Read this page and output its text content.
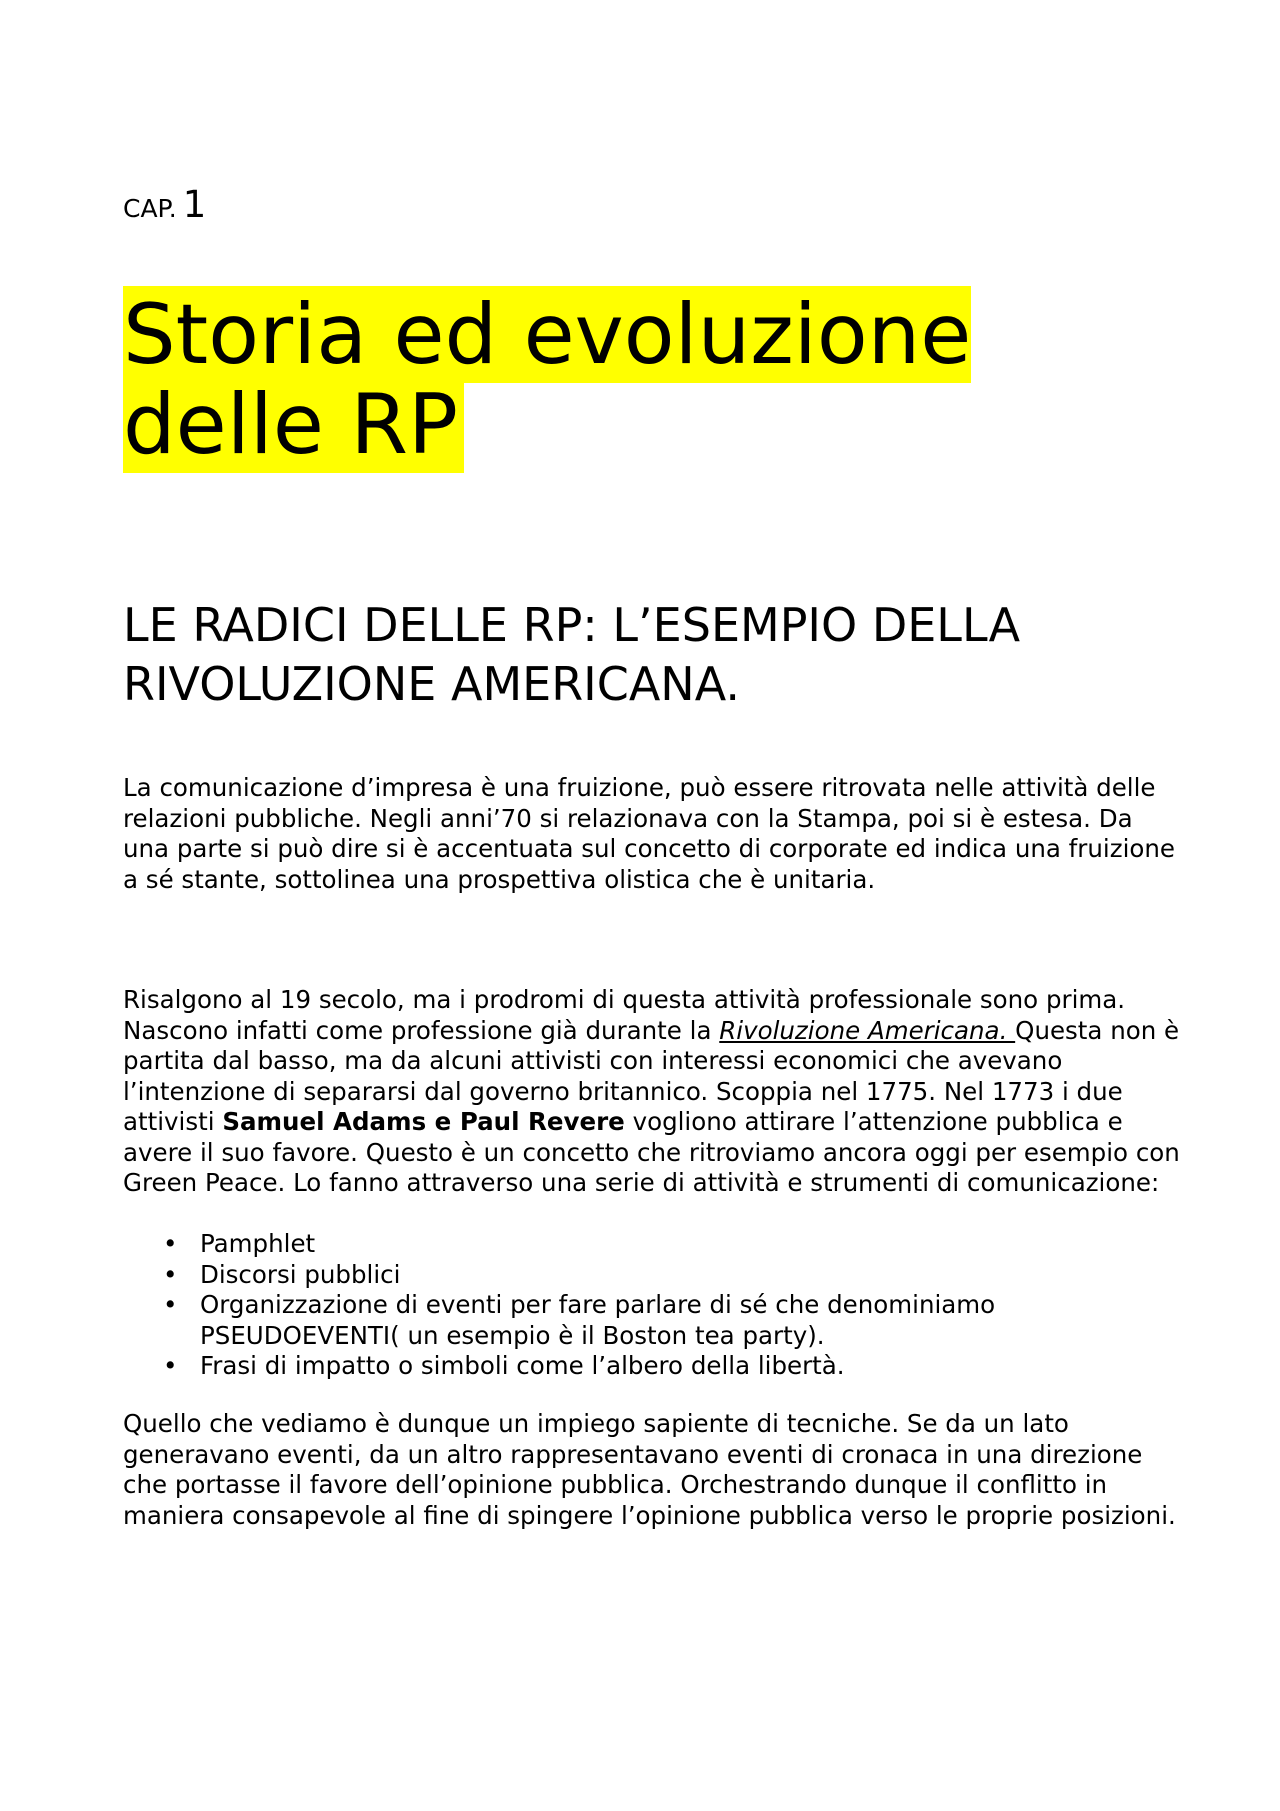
CAP. 1
Storia ed evoluzione delle RP
LE RADICI DELLE RP: L’ESEMPIO DELLA RIVOLUZIONE AMERICANA.

La comunicazione d’impresa è una fruizione, può essere ritrovata nelle attività delle relazioni pubbliche. Negli anni’70 si relazionava con la Stampa, poi si è estesa. Da una parte si può dire si è accentuata sul concetto di corporate ed indica una fruizione a sé stante, sottolinea una prospettiva olistica che è unitaria.

Risalgono al 19 secolo, ma i prodromi di questa attività professionale sono prima. Nascono infatti come professione già durante la Rivoluzione Americana. Questa non è partita dal basso, ma da alcuni attivisti con interessi economici che avevano l’intenzione di separarsi dal governo britannico. Scoppia nel 1775. Nel 1773 i due attivisti Samuel Adams e Paul Revere vogliono attirare l’attenzione pubblica e avere il suo favore. Questo è un concetto che ritroviamo ancora oggi per esempio con Green Peace. Lo fanno attraverso una serie di attività e strumenti di comunicazione:

• Pamphlet
• Discorsi pubblici
• Organizzazione di eventi per fare parlare di sé che denominiamo PSEUDOEVENTI( un esempio è il Boston tea party).
• Frasi di impatto o simboli come l’albero della libertà.

Quello che vediamo è dunque un impiego sapiente di tecniche. Se da un lato generavano eventi, da un altro rappresentavano eventi di cronaca in una direzione che portasse il favore dell’opinione pubblica. Orchestrando dunque il conflitto in maniera consapevole al fine di spingere l’opinione pubblica verso le proprie posizioni.
